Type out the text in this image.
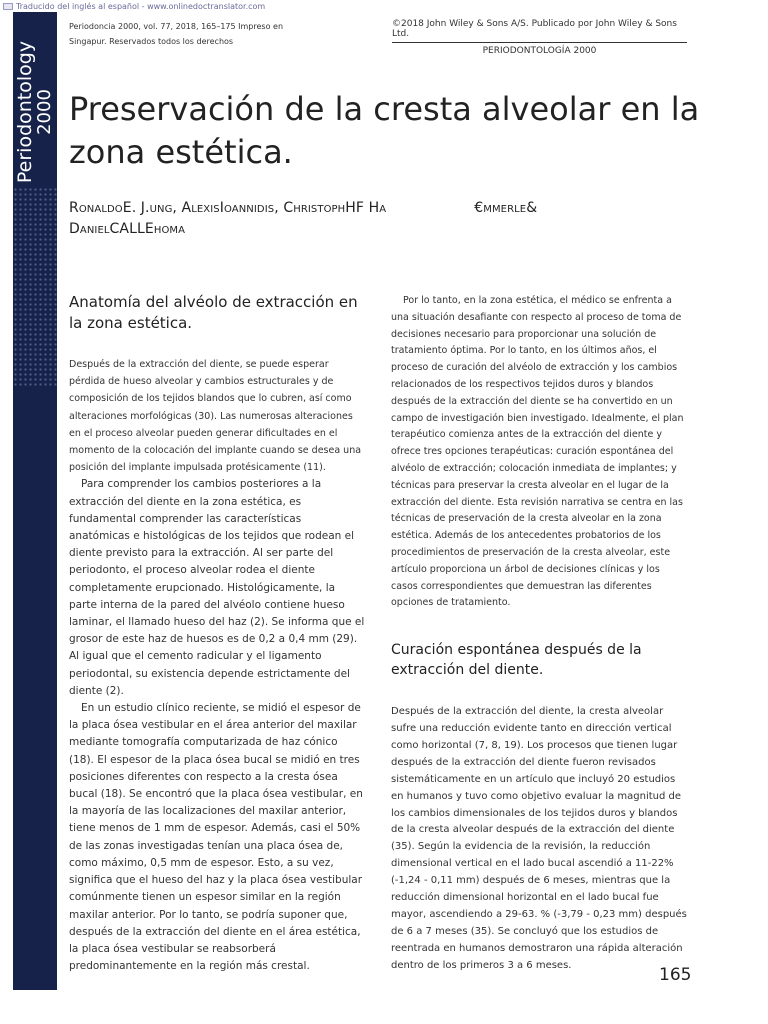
Traducido del inglés al español - www.onlinedoctranslator.com
Periodontology
2000
Periodoncia 2000, vol. 77, 2018, 165–175 Impreso en Singapur. Reservados todos los derechos
©2018 John Wiley & Sons A/S. Publicado por John Wiley & Sons Ltd.
PERIODONTOLOGÍA 2000
Preservación de la cresta alveolar en la zona estética.
RonaldoE. J.ung, AlexisIoannidis, ChristophHF Ha	€mmerle&
DanielCALLEhoma
Anatomía del alvéolo de extracción en la zona estética.

Después de la extracción del diente, se puede esperar pérdida de hueso alveolar y cambios estructurales y de composición de los tejidos blandos que lo cubren, así como alteraciones morfológicas (30). Las numerosas alteraciones en el proceso alveolar pueden generar dificultades en el momento de la colocación del implante cuando se desea una posición del implante impulsada protésicamente (11).

Para comprender los cambios posteriores a la extracción del diente en la zona estética, es fundamental comprender las características anatómicas e histológicas de los tejidos que rodean el diente previsto para la extracción. Al ser parte del periodonto, el proceso alveolar rodea el diente completamente erupcionado. Histológicamente, la parte interna de la pared del alvéolo contiene hueso laminar, el llamado hueso del haz (2). Se informa que el grosor de este haz de huesos es de 0,2 a 0,4 mm (29). Al igual que el cemento radicular y el ligamento periodontal, su existencia depende estrictamente del diente (2).

En un estudio clínico reciente, se midió el espesor de la placa ósea vestibular en el área anterior del maxilar mediante tomografía computarizada de haz cónico (18). El espesor de la placa ósea bucal se midió en tres posiciones diferentes con respecto a la cresta ósea bucal (18). Se encontró que la placa ósea vestibular, en la mayoría de las localizaciones del maxilar anterior, tiene menos de 1 mm de espesor. Además, casi el 50% de las zonas investigadas tenían una placa ósea de, como máximo, 0,5 mm de espesor. Esto, a su vez, significa que el hueso del haz y la placa ósea vestibular comúnmente tienen un espesor similar en la región maxilar anterior. Por lo tanto, se podría suponer que, después de la extracción del diente en el área estética, la placa ósea vestibular se reabsorberá predominantemente en la región más crestal.

Por lo tanto, en la zona estética, el médico se enfrenta a una situación desafiante con respecto al proceso de toma de decisiones necesario para proporcionar una solución de tratamiento óptima. Por lo tanto, en los últimos años, el proceso de curación del alvéolo de extracción y los cambios relacionados de los respectivos tejidos duros y blandos después de la extracción del diente se ha convertido en un campo de investigación bien investigado. Idealmente, el plan terapéutico comienza antes de la extracción del diente y ofrece tres opciones terapéuticas: curación espontánea del alvéolo de extracción; colocación inmediata de implantes; y técnicas para preservar la cresta alveolar en el lugar de la extracción del diente. Esta revisión narrativa se centra en las técnicas de preservación de la cresta alveolar en la zona estética. Además de los antecedentes probatorios de los procedimientos de preservación de la cresta alveolar, este artículo proporciona un árbol de decisiones clínicas y los casos correspondientes que demuestran las diferentes opciones de tratamiento.

Curación espontánea después de la extracción del diente.

Después de la extracción del diente, la cresta alveolar sufre una reducción evidente tanto en dirección vertical como horizontal (7, 8, 19). Los procesos que tienen lugar después de la extracción del diente fueron revisados sistemáticamente en un artículo que incluyó 20 estudios en humanos y tuvo como objetivo evaluar la magnitud de los cambios dimensionales de los tejidos duros y blandos de la cresta alveolar después de la extracción del diente (35). Según la evidencia de la revisión, la reducción dimensional vertical en el lado bucal ascendió a 11-22% (-1,24 - 0,11 mm) después de 6 meses, mientras que la reducción dimensional horizontal en el lado bucal fue mayor, ascendiendo a 29-63. % (-3,79 - 0,23 mm) después de 6 a 7 meses (35). Se concluyó que los estudios de reentrada en humanos demostraron una rápida alteración dentro de los primeros 3 a 6 meses.	165
